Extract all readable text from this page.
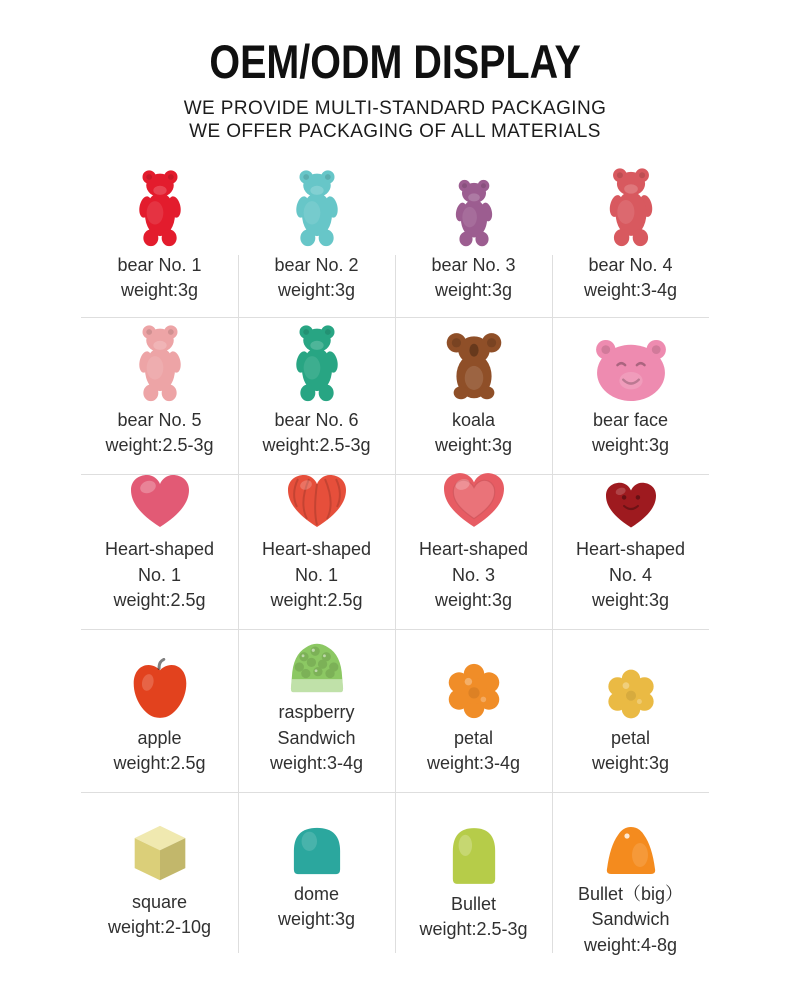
OEM/ODM DISPLAY

WE PROVIDE MULTI-STANDARD PACKAGING

WE OFFER PACKAGING OF ALL MATERIALS

bear No. 1
weight:3g
bear No. 2
weight:3g
bear No. 3
weight:3g
bear No. 4
weight:3-4g
bear No. 5
weight:2.5-3g
bear No. 6
weight:2.5-3g
koala
weight:3g
bear face
weight:3g
Heart-shaped No. 1
weight:2.5g
Heart-shaped No. 1
weight:2.5g
Heart-shaped No. 3
weight:3g
Heart-shaped No. 4
weight:3g
apple
weight:2.5g
raspberry Sandwich
weight:3-4g
petal
weight:3-4g
petal
weight:3g
square
weight:2-10g
dome
weight:3g
Bullet
weight:2.5-3g
Bullet（big） Sandwich
weight:4-8g
